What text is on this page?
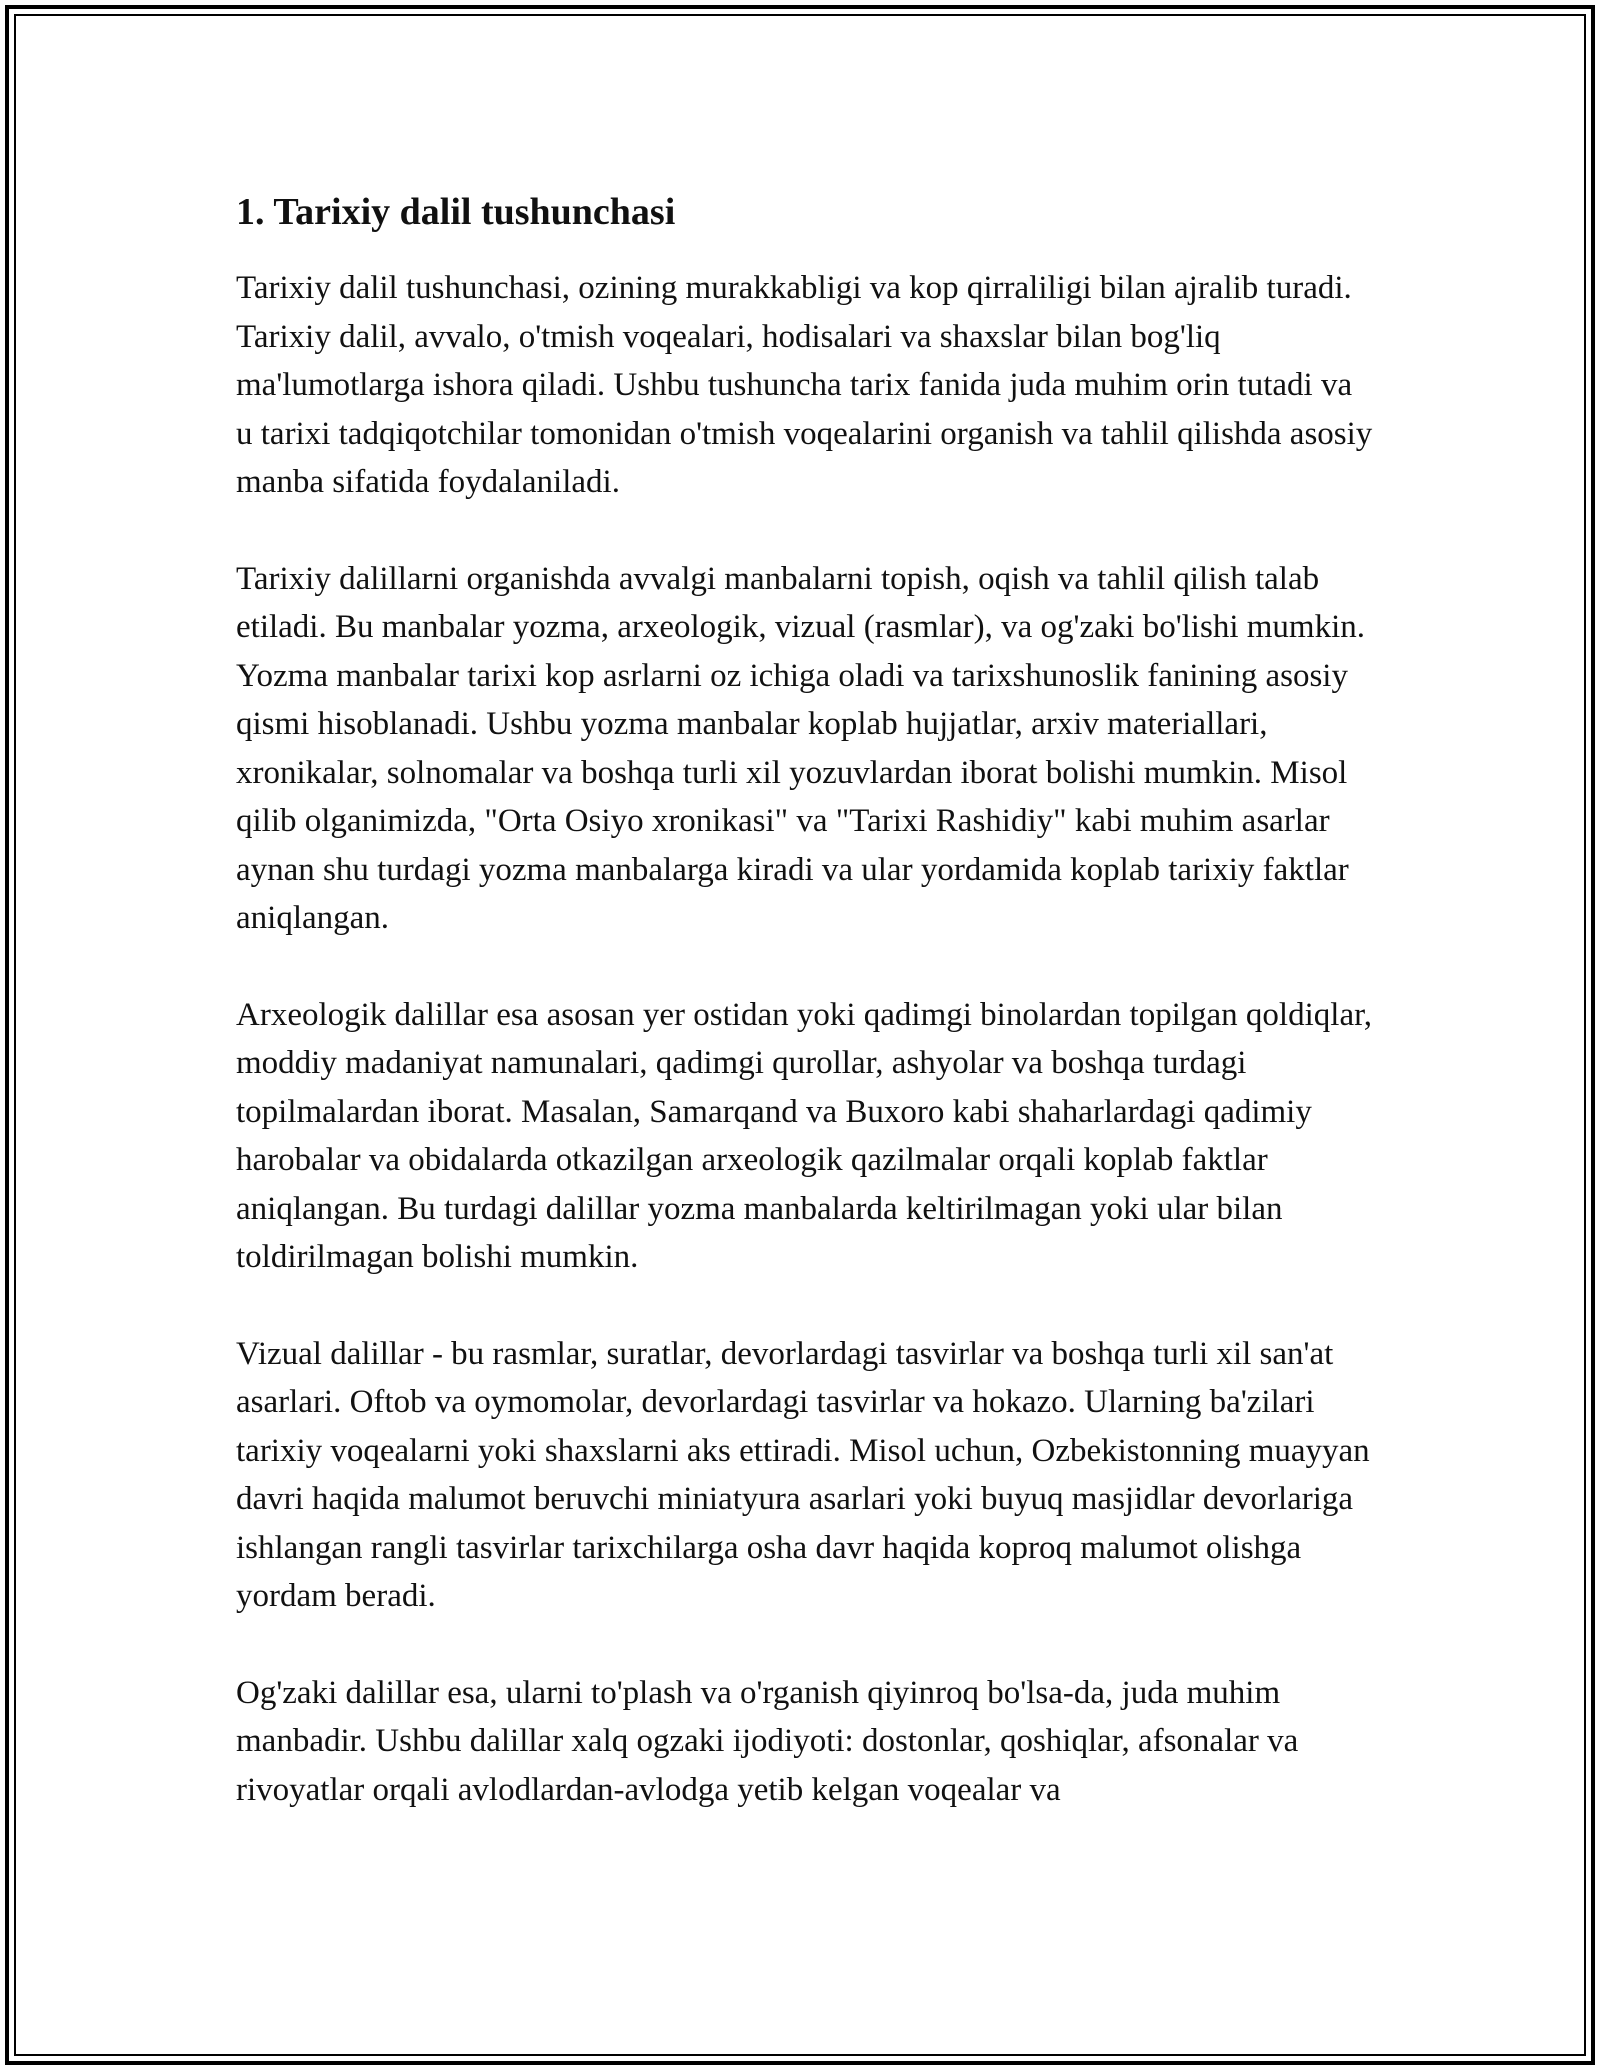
1. Tarixiy dalil tushunchasi

Tarixiy dalil tushunchasi, ozining murakkabligi va kop qirraliligi bilan ajralib turadi. Tarixiy dalil, avvalo, o'tmish voqealari, hodisalari va shaxslar bilan bog'liq ma'lumotlarga ishora qiladi. Ushbu tushuncha tarix fanida juda muhim orin tutadi va u tarixi tadqiqotchilar tomonidan o'tmish voqealarini organish va tahlil qilishda asosiy manba sifatida foydalaniladi.

Tarixiy dalillarni organishda avvalgi manbalarni topish, oqish va tahlil qilish talab etiladi. Bu manbalar yozma, arxeologik, vizual (rasmlar), va og'zaki bo'lishi mumkin. Yozma manbalar tarixi kop asrlarni oz ichiga oladi va tarixshunoslik fanining asosiy qismi hisoblanadi. Ushbu yozma manbalar koplab hujjatlar, arxiv materiallari, xronikalar, solnomalar va boshqa turli xil yozuvlardan iborat bolishi mumkin. Misol qilib olganimizda, "Orta Osiyo xronikasi" va "Tarixi Rashidiy" kabi muhim asarlar aynan shu turdagi yozma manbalarga kiradi va ular yordamida koplab tarixiy faktlar aniqlangan.

Arxeologik dalillar esa asosan yer ostidan yoki qadimgi binolardan topilgan qoldiqlar, moddiy madaniyat namunalari, qadimgi qurollar, ashyolar va boshqa turdagi topilmalardan iborat. Masalan, Samarqand va Buxoro kabi shaharlardagi qadimiy harobalar va obidalarda otkazilgan arxeologik qazilmalar orqali koplab faktlar aniqlangan. Bu turdagi dalillar yozma manbalarda keltirilmagan yoki ular bilan toldirilmagan bolishi mumkin.

Vizual dalillar - bu rasmlar, suratlar, devorlardagi tasvirlar va boshqa turli xil san'at asarlari. Oftob va oymomolar, devorlardagi tasvirlar va hokazo. Ularning ba'zilari tarixiy voqealarni yoki shaxslarni aks ettiradi. Misol uchun, Ozbekistonning muayyan davri haqida malumot beruvchi miniatyura asarlari yoki buyuq masjidlar devorlariga ishlangan rangli tasvirlar tarixchilarga osha davr haqida koproq malumot olishga yordam beradi.

Og'zaki dalillar esa, ularni to'plash va o'rganish qiyinroq bo'lsa-da, juda muhim manbadir. Ushbu dalillar xalq ogzaki ijodiyoti: dostonlar, qoshiqlar, afsonalar va rivoyatlar orqali avlodlardan-avlodga yetib kelgan voqealar va
